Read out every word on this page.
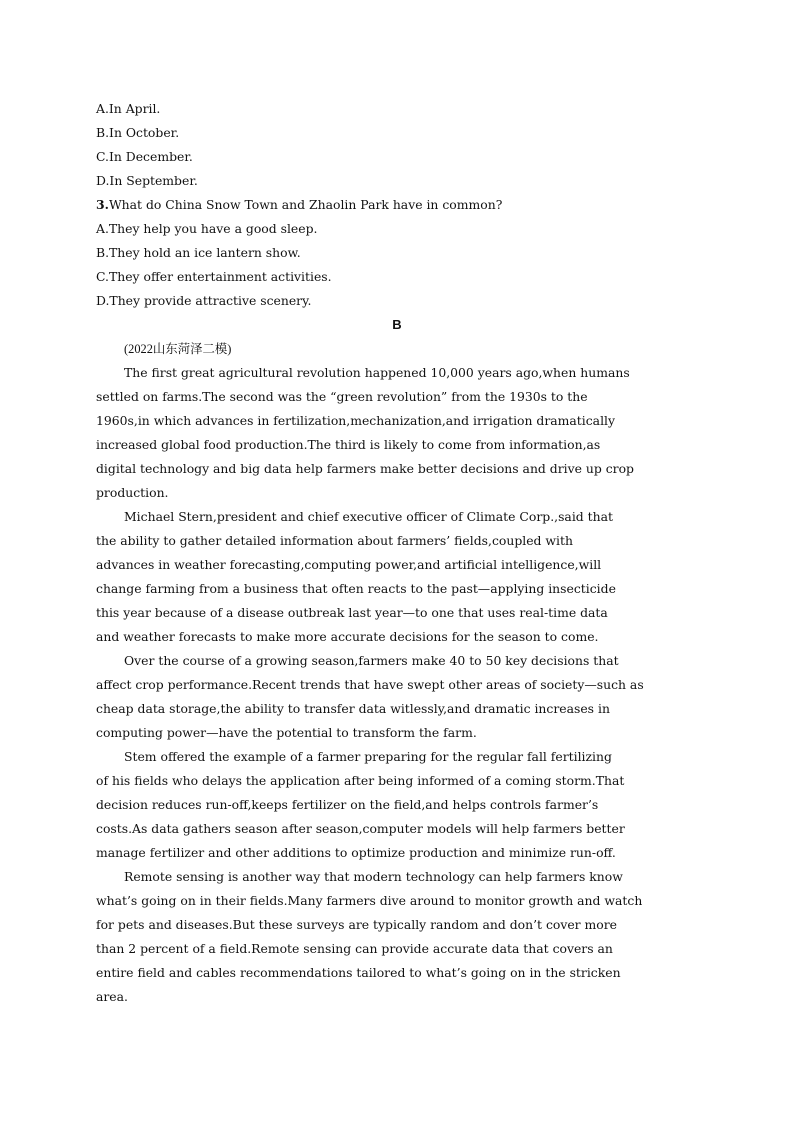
A.In April.
B.In October.
C.In December.
D.In September.
3.What do China Snow Town and Zhaolin Park have in common?
A.They help you have a good sleep.
B.They hold an ice lantern show.
C.They offer entertainment activities.
D.They provide attractive scenery.
B
(2022山东菏泽二模)
The first great agricultural revolution happened 10,000 years ago,when humans
settled on farms.The second was the “green revolution” from the 1930s to the
1960s,in which advances in fertilization,mechanization,and irrigation dramatically
increased global food production.The third is likely to come from information,as
digital technology and big data help farmers make better decisions and drive up crop
production.
Michael Stern,president and chief executive officer of Climate Corp.,said that
the ability to gather detailed information about farmers’ fields,coupled with
advances in weather forecasting,computing power,and artificial intelligence,will
change farming from a business that often reacts to the past—applying insecticide
this year because of a disease outbreak last year—to one that uses real-time data
and weather forecasts to make more accurate decisions for the season to come.
Over the course of a growing season,farmers make 40 to 50 key decisions that
affect crop performance.Recent trends that have swept other areas of society—such as
cheap data storage,the ability to transfer data witlessly,and dramatic increases in
computing power—have the potential to transform the farm.
Stem offered the example of a farmer preparing for the regular fall fertilizing
of his fields who delays the application after being informed of a coming storm.That
decision reduces run-off,keeps fertilizer on the field,and helps controls farmer’s
costs.As data gathers season after season,computer models will help farmers better
manage fertilizer and other additions to optimize production and minimize run-off.
Remote sensing is another way that modern technology can help farmers know
what’s going on in their fields.Many farmers dive around to monitor growth and watch
for pets and diseases.But these surveys are typically random and don’t cover more
than 2 percent of a field.Remote sensing can provide accurate data that covers an
entire field and cables recommendations tailored to what’s going on in the stricken
area.
